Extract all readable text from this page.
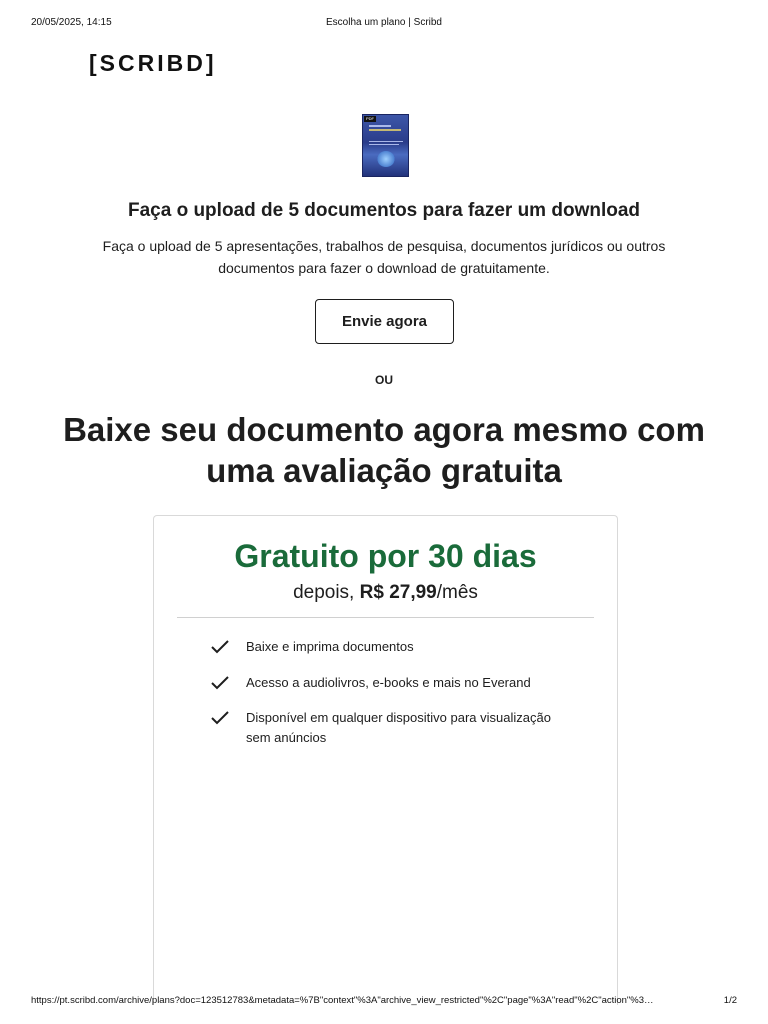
20/05/2025, 14:15	Escolha um plano | Scribd
[SCRIBD]
PDF
Faça o upload de 5 documentos para fazer um download
Faça o upload de 5 apresentações, trabalhos de pesquisa, documentos jurídicos ou outros documentos para fazer o download de gratuitamente.
Envie agora
OU
Baixe seu documento agora mesmo com uma avaliação gratuita
Gratuito por 30 dias
depois, R$ 27,99/mês
Baixe e imprima documentos
Acesso a audiolivros, e-books e mais no Everand
Disponível em qualquer dispositivo para visualização sem anúncios
https://pt.scribd.com/archive/plans?doc=123512783&metadata=%7B"context"%3A"archive_view_restricted"%2C"page"%3A"read"%2C"action"%3…	1/2
